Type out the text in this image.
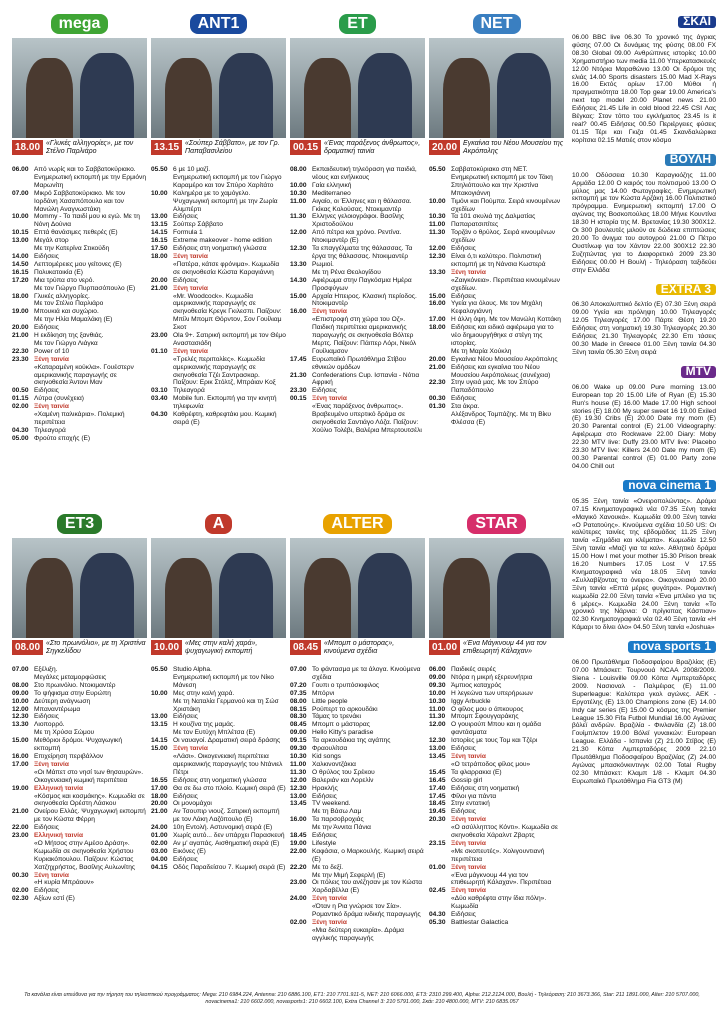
mega
18.00 «Γλυκές αλληγορίες», με τον Στέλιο Παρλιάρο
06.00 Από νωρίς και το Σαββατοκύριακο. Ενημερωτική εκπομπή με την Ερμιόνη Μαρωνίτη
07.00 Μικρό Σαββατοκύριακο. Με τον Ιορδάνη Χασαπόπουλο και τον Μανώλη Αναγνωστάκη
10.00 Mommy - Το παιδί μου κι εγώ. Με τη Νόνη Δούνια
10.15 Επτά θανάσιμες πεθερές (Ε)
13.00 Μεγάλ στορ
Με την Κατερίνα Στικούδη
14.00 Ειδήσεις
14.50 Λεπτομέρειες μου γείτονες (Ε)
16.15 Πολυκατοικία (Ε)
17.20 Μια τρύπα στο νερό.
Με τον Γιώργο Πυρπασόπουλο (Ε)
18.00 Γλυκές αλληγορίες.
Με τον Στέλιο Παρλιάρο
19.00 Μπουκιά και συχώριο.
Με την Ηλία Μαμαλάκη (Ε)
20.00 Ειδήσεις
21.00 Η εκδίκηση της ξανθιάς.
Με τον Γιώργο Λιάγκα
22.30 Power of 10
23.30 Ξένη ταινία
«Καταραμένη κούκλα». Γουέστερν αμερικανικής παραγωγής σε σκηνοθεσία Άντονι Μαν
00.50 Ειδήσεις
01.15 Λύτρα (συνέχεια)
02.00 Ξένη ταινία
«Χαμένη παλικάρια». Πολεμική περιπέτεια
04.30 Τηλεαγορά
05.00 Φρούτο εποχής (Ε)
ANT1
13.15 «Σούπερ Σάββατο», με τον Γρ. Παπαβασιλείου
05.50 6 με 10 μαζί.
Ενημερωτική εκπομπή με τον Γιώργο Καραμέρο και τον Σπύρο Χαρίτάτο
10.00 Καλημέρα με το χαμόγελο. Ψυχαγωγική εκπομπή με την Ζωρία Αλιμπέρτι
13.00 Ειδήσεις
13.15 Σούπερ Σάββατο
14.15 Formula 1
16.15 Extreme makeover - home edition
17.50 Ειδήσεις στη νοηματική γλώσσα
18.00 Ξένη ταινία
«Πατέρα, κάτσε φρόνιμα». Κωμωδία σε σκηνοθεσία Κώστα Καραγιάννη
20.00 Ειδήσεις
21.00 Ξένη ταινία
«Mr. Woodcock». Κωμωδία αμερικανικής παραγωγής σε σκηνοθεσία Κρεγκ Γκιλεσπι. Παίζουν: Μπίλι Μπομπ Θόρντον, Σον Γουίλιαμ Σκοτ
23.00 Ola 9+. Σατιρική εκπομπή με τον Θέμο Αναστασιάδη
01.10 Ξένη ταινία
«Τρελές περιπολίες». Κωμωδία αμερικανικής παραγωγής σε σκηνοθεσία Τζέι Σαντρασκαρ. Παίζουν: Ερικ Στόλτζ, Μπράιαν Κοξ
03.10 Τηλεαγορά
03.40 Mobile fun. Εκπομπή για την κινητή τηλεφωνία
04.30 Καθρέφτη, καθρεφτάκι μου. Κωμική σειρά (Ε)
ΕΤ
00.15 «Ένας παράξενος άνθρωπος», δραματική ταινία
08.00 Εκπαιδευτική τηλεόραση για παιδιά, νέους και ενήλικους
10.00 Γαία ελληνική
10.30 Mediterraneo
11.00 Αιγαίο, οι Έλληνες και η θάλασσα. Γκίκας Κολούσας. Ντοκιμαντέρ
11.30 Ελληνες γελοιογράφοι. Βασίλης Χριστοδούλου
12.00 Από πέτρα και χρόνο. Ρεντίνα. Ντοκιμαντέρ (Ε)
12.30 Τα επαγγέλματα της θάλασσας. Τα έργα της θάλασσας. Ντοκιμαντέρ
13.30 Ρωμιοί.
Με τη Ρένα Θεολογίδου
14.30 Αφιέρωμα στην Παγκόσμια Ημέρα Προσφύγων
15.00 Αρχαία Ηπειρος. Κλασική περίοδος. Ντοκιμαντέρ
16.00 Ξένη ταινία
«Επιστροφή στη χώρα του Οζ». Παιδική περιπέτεια αμερικανικής παραγωγής σε σκηνοθεσία Βόλτερ Μερτς. Παίζουν: Πάιπερ Λόρι, Νικόλ Γουίλιαμσον
17.45 Ευρωπαϊκό Πρωτάθλημα Στίβου εθνικών ομάδων
21.30 Confederations Cup. Ισπανία - Νότια Αφρική
23.30 Ειδήσεις
00.15 Ξένη ταινία
«Ένας παράξενος άνθρωπος». Βραβευμένο υπερτικό δράμα σε σκηνοθεσία Σαντιάγο Λόζα. Παίζουν: Χούλιο Τολέβι, Βαλέρια Μπερτουτσέλι
NET
20.00 Εγκαίνια του Νέου Μουσείου της Ακρόπολης
05.50 Σαββατοκύριακο στη ΝΕΤ. Ενημερωτική εκπομπή με τον Τάκη Σπηλιόπουλο και την Χριστίνα Μπακογιάννη
10.00 Τιμόνι και Πούμπα. Σειρά κινουμένων σχεδίων
10.30 Τα 101 σκυλιά της Δαλματίας
11.00 Παπαρατσιπίτες
11.30 Τορζάν ο θρύλος. Σειρά κινουμένων σχεδίων
12.00 Ειδήσεις
12.30 Είναι ό,τι καλύτερο. Πολιτιστική εκπομπή με τη Νάνσια Κωστερά
13.30 Ξένη ταινία
«Ζαιγκόνεια». Περιπέτεια κινουμένων σχεδίων.
15.00 Ειδήσεις
16.00 Υγεία για όλους. Με τον Μιχάλη Κεφαλογιάννη
17.00 Η άλλη όψη. Με τον Μανώλη Κοττάκη
18.00 Ειδήσεις και ειδικό αφιέρωμα για το νέο δημιουργήθηκε σ στέγη της ιστορίας.
Με τη Μαρία Χούκλη
20.00 Εγκαίνια Νέου Μουσείου Ακρόπολης
21.00 Ειδήσεις και εγκαίνια του Νέου Μουσείου Ακρόπολεως (συνέχεια)
22.30 Στην υγειά μας. Με τον Σπύρο Παπαδόπουλο
00.30 Ειδήσεις
01.30 Στα άκρα.
Αλέξανδρος Τομπάζης. Με τη Βίκυ Φλέσσα (Ε)
ΕΤ3
08.00 «Στο πρωινόλιο», με τη Χριστίνα Σηγκελίδου
07.00 Εξέλιξη.
Μεγάλες μεταμορφώσεις
08.00 Στο πρωινόλιο. Ντοκιμαντέρ
09.00 Το ψήφισμα στην Ευρώπη
10.00 Δεύτερη ανάγνωση
12.00 Μπαναντέρωμα
12.30 Ειδήσεις
13.30 Λιοπορρό.
Με τη Χρύσα Σώμου
15.00 Μεθόριοι δρόμοι. Ψυχαγωγική εκπομπή
16.00 Επιχείρηση περιβάλλον
17.00 Ξένη ταινία
«Οι Μάπετ στο νησί των θησαυρών». Οικογενειακή κωμική περιπέτεια
19.00 Ελληνική ταινία
«Κόσμος και κοσμάκης». Κωμωδία σε σκηνοθεσία Ορέστη Λάσκου
21.00 Ονείρου Ελλάς. Ψυχαγωγική εκπομπή με τον Κώστα Φέρρη
22.00 Ειδήσεις
23.00 Ελληνική ταινία
«Ο Μήτσος στην Αμέσο Δράση». Κωμωδία σε σκηνοθεσία Χρήστου Κυριακόπουλου. Παίζουν: Κώστας Χατζηχρήστος, Βασίλης Αυλωνίτης
00.30 Ξένη ταινία
«Η κυρία Μπράουν»
02.00 Ειδήσεις
02.30 Αξίων εστί (Ε)
Α
10.00 «Μες στην καλή χαρά», ψυχαγωγική εκπομπή
05.50 Studio Alpha.
Ενημερωτική εκπομπή με τον Νίκο Μάνεση
10.00 Μες στην καλή χαρά.
Με τη Ναταλία Γερμανού και τη Σώσ Χριστάκη
13.00 Ειδήσεις
13.15 Η κουζίνα της μαμάς.
Με τον Ευτύχη Μπλέτσα (Ε)
14.15 Οι ναυαγοί. Δραματική σειρά δράσης
15.00 Ξένη ταινία
«Λάσι». Οικογενειακή περιπέτεια αμερικανικής παραγωγής του Ντάνιελ Πέτρι
16.55 Ειδήσεις στη νοηματική γλώσσα
17.00 Θα σε δω στο πλοίο. Κωμική σειρά (Ε)
18.00 Ειδήσεις
20.00 Οι μονομάχοι
21.00 Αν Τσουπιρ νιουζ. Σατιρική εκπομπή με τον Λάκη Λαζόπουλο (Ε)
24.00 10η Εντολή. Αστυνομική σειρά (Ε)
01.00 Χωρίς αυτό... δεν υπάρχει Παρασκευή
02.00 Αν μ' αγαπάς. Αισθηματική σειρά (Ε)
03.00 Εικόνες (Ε)
04.00 Ειδήσεις
04.15 Οδός Παραδείσου 7. Κωμική σειρά (Ε)
ALTER
08.45 «Μπομπ ο μάστορας», κινούμενα σχέδια
07.00 Το φάντασμα με τα άλογα. Κινούμενα σχέδια
07.20 Γουπι ο τρυπόσκιφιλος
07.35 Μπόρνι
08.00 Little people
08.15 Ρούπερτ το αρκουδάκι
08.30 Τάμας το τρενάκι
08.45 Μπομπ ο μάστορας
09.00 Hello Kitty's paradise
09.15 Τα αρκουδάκια της αγάπης
09.30 Φραουλίτσα
10.30 Kid songs
11.00 Χαλκινοντζάκια
11.30 Ο θρύλος του Σρέκου
12.00 Βαλεριάν και Λορελίν
12.30 Ηρακλής
13.00 Ειδήσεις
13.45 TV weekend.
Με τη Βάσω Λαμ
16.00 Τα παρσοβροχιάς
Με την Άννιτα Πάνια
18.45 Ειδήσεις
19.00 Lifestyle
22.00 Καφάσια, ο Μαρκουλής. Κωμική σειρά (Ε)
22.20 Με το δεξί.
Με την Μιμή Σεφερλή (Ε)
23.00 Οι πόλεις του ανέζησαν με τον Κώστα Χαρδαβέλλα (Ε)
24.00 Ξένη ταινία
«Όταν η Ρια γνώρισε τον Σία». Ρομαντικό δράμα ινδικής παραγωγής
02.00 Ξένη ταινία
«Μια δεύτερη ευκαιρία». Δράμα αγγλικής παραγωγής
STAR
01.00 «Ένα Μάγκνουμ 44 για τον επιθεωρητή Κάλαχαν»
06.00 Παιδικές σειρές
09.00 Ντόρα η μικρή εξερευνήτρια
09.30 Άμπιος καταχρός
10.00 Η λεγεώνα των υπερήρωων
10.30 Iggy Arbuckle
11.00 Ο φίλος μου ο άπκουρος
11.30 Μπομπ Σφουγγαράκης
12.00 Ο γουιρούπ Μπου και η ομάδα φαντάσματα
12.30 Ιστορίες με τους Τομ και Τζέρι
13.00 Ειδήσεις
13.45 Ξένη ταινία
«Ο τετράποδος φίλος μου»
15.45 Τα φλαρρακια (Ε)
16.45 Gossip girl
17.40 Ειδήσεις στη νοηματική
17.45 Φίλοι για πάντα
18.45 Στην εντατική
19.45 Ειδήσεις
20.30 Ξένη ταινία
«Ο ασύλληπτος Κόντι». Κωμωδία σε σκηνοθεσία Χάραλντ Ζβαρτς
23.15 Ξένη ταινία
«Με σκοπευτές». Χολιγουντιανή περιπέτεια
01.00 Ξένη ταινία
«Ένα μάγκνουμ 44 για τον επιθεωρητή Κάλαχαν». Περιπέτεια
02.45 Ξένη ταινία
«Δύο καθρέφτα στην ίδια πόλη». Κωμωδία
04.30 Ειδήσεις
05.30 Battlestar Galactica
ΣΚΑΪ
06.00 BBC live 06.30 Το χρονικό της άγριας φύσης 07.00 Οι δυνάμεις της φύσης 08.00 FX 08.30 Global 09.00 Ανθρώπινες ιστορίες 10.00 Χρηματιστήριο των media 11.00 Υπερκατασκευές 12.00 Ντόρια Μαραθώνιο 13.00 Οι δρόμοι της ελιάς 14.00 Sports disasters 15.00 Mad X-Rays 16.00 Εκτός ορίων 17.00 Μύθοι ή πραγματικότητα 18.00 Top gear 19.00 America's next top model 20.00 Planet news 21.00 Ειδήσεις 21.45 Life in cold blood 22.45 CSI Λας Βέγκας: Στον τόπο του εγκλήματος 23.45 Is it real? 00.45 Ειδήσεις 00.50 Περιέργειες φύσεις 01.15 Τέρι και Γκιζα 01.45 Σκανδαλώρικα κορίτσια 02.15 Ματιές στον κόσμο
ΒΟΥΛΗ
10.00 Οδύσσεια 10.30 Καραγκιόζης 11.00 Αρμάδα 12.00 Ο καιρός του πολιτισμού 13.00 Ο μύλος μας 14.00 Φωτογραφίες. Ενημερωτική εκπομπή με τον Κώστα Αρζάκη 16.00 Πολιτιστικό πρόγραμμα. Ενημερωτική εκπομπή 17.00 Ο αγώνας της Βοσκοπούλας 18.00 Μήνιε Κουντίνα 18.30 Η ιστορία της Μ. Βρετανίας 19.30 300Χ12. Οι 300 βουλευτές μιλούν σε δώδεκα επιπτώσεις 20.00 Το άνιγμα του αυτογρού 21.00 Ο Πέτρο Ουστίνωφ για τον Χάντον 22.00 300Χ12 22.30 Συζητώντας για το Διαφορετικό 2009 23.30 Ειδήσεις 00.00 Η Βουλή - Τηλεόραση ταξιδεύει στην Ελλάδα
EXTRA 3
06.30 Αποκαλυπτικό δελτίο (Ε) 07.30 Ξένη σειρά 09.00 Υγεία και πρόληψη 10.00 Τηλεαγορές 12.05 Τηλεαγορές 17.00 Πάρτε Θέση 19.20 Ειδήσεις στη νοηματική 19.30 Τηλεαγορές 20.30 Ειδήσεις 21.30 Τηλεαγορές 22.30 Επι τάσεις 00.30 Made in Greece 01.00 Ξένη ταινία 04.30 Ξένη ταινία 05.30 Ξένη σειρά
MTV
06.00 Wake up 09.00 Pure morning 13.00 European top 20 15.00 Life of Ryan (E) 15.30 Run's house (E) 16.00 Made 17.00 High school stories (E) 18.00 My super sweet 16 19.00 Exiled (E) 19.30 Cribs (E) 20.00 Date my mom (E) 20.30 Parental control (E) 21.00 Videography: Αφιέρωμα στο Rockwave 22.00 Diary: Moby 22.30 MTV live: Duffy 23.00 MTV live: Placebo 23.30 MTV live: Killers 24.00 Date my mom (E) 00.30 Parental control (E) 01.00 Party zone 04.00 Chill out
nova cinema 1
05.35 Ξένη ταινία «Ονειροπολώντας». Δράμα 07.15 Κινηματογραφικά νέα 07.35 Ξένη ταινία «Μαγικό Χανουκά». Κωμωδία 09.00 Ξένη ταινία «Ο Ρατατούης». Κινούμενα σχέδια 10.50 US: Οι καλύτερες ταινίες της εβδομάδας 11.25 Ξένη ταινία «Σημάδια και κλέματα». Κωμωδία 12.50 Ξένη ταινία «Μαζί για τα καλ». Αθλητικό δράμα 15.00 How I met your mother 15.30 Prison break 16.20 Numbers 17.05 Lost V 17.55 Κινηματογραφικά νέα 18.05 Ξένη ταινία «Συλλαβίζοντας το όνειρο». Οικογενειακό 20.00 Ξένη ταινία «Επτά μέρες φυγάτρα». Ρομαντική κωμωδία 22.00 Ξένη ταινία «Ένα μπλέκο για τις 6 μέρες». Κωμωδία 24.00 Ξένη ταινία «Το χρονικό της Νάρνια: Ο πρίγκιπας Κάσπιαν» 02.30 Κινηματογραφικά νέα 02.40 Ξένη ταινία «Η Κάμαρι το δίνει όλο» 04.50 Ξένη ταινία «Joshua»
nova sports 1
06.00 Πρωτάθλημα Ποδοσφαίρου Βραζιλίας (Ε) 07.00 Μπάσκετ: Τουρνουά NCAA 2008/2009. Siena - Louisville 09.00 Κόπα Λιμπερταδόρες 2009. Νασιοναλ - Παλμέιρας (Ε) 11.00 Superleague: Καλύτερα γκολ αγώνες. ΑΕΚ - Εργοτέλης (Ε) 13.00 Champions zone (E) 14.00 Indy car series (E) 15.00 Ο κόσμος της Premier League 15.30 Fifa Futbol Mundial 16.00 Αγώνας βόλεϊ ανδρών. Βραζιλία - Φινλανδία (Ζ) 18.00 Γουίμπλετον 19.00 Βόλεϊ γυναικών: European League. Ελλάδα - Ισπανία (Ζ) 21.00 Στίβος (Ε) 21.30 Κόπα Λιμπερταδόρες 2009 22.10 Πρωτάθλημα Ποδοσφαίρου Βραζιλίας (Ζ) 24.00 Αγώνας μπασκόνκιντινγκ 02.00 Total Rugby 02.30 Μπάσκετ: Κλαμπ 1/8 - Κλαμπ 04.30 Ευρωπαϊκό Πρωτάθλημα Fia GT3 (M)
Τα κανάλια είναι υπεύθυνα για την τήρηση του τηλεοπτικού προγράμματος: Mega: 210 6984.224, Antenna: 210 6886.100, ΕΤ1: 210 7701.911-5, ΝΕΤ: 210 6066.000, ΕΤ3: 2310 299.400, Alpha: 212.2124.000, Βουλή - Τηλεόραση: 210 3673.366, Star: 211 1891.000, Alter: 210 5707.000, novacinema1: 210 6602.000, novasports1: 210 6602.100, Extra Channel 3: 210 5791.000, Σκάι: 210 4800.000, MTV: 210 6835.057
